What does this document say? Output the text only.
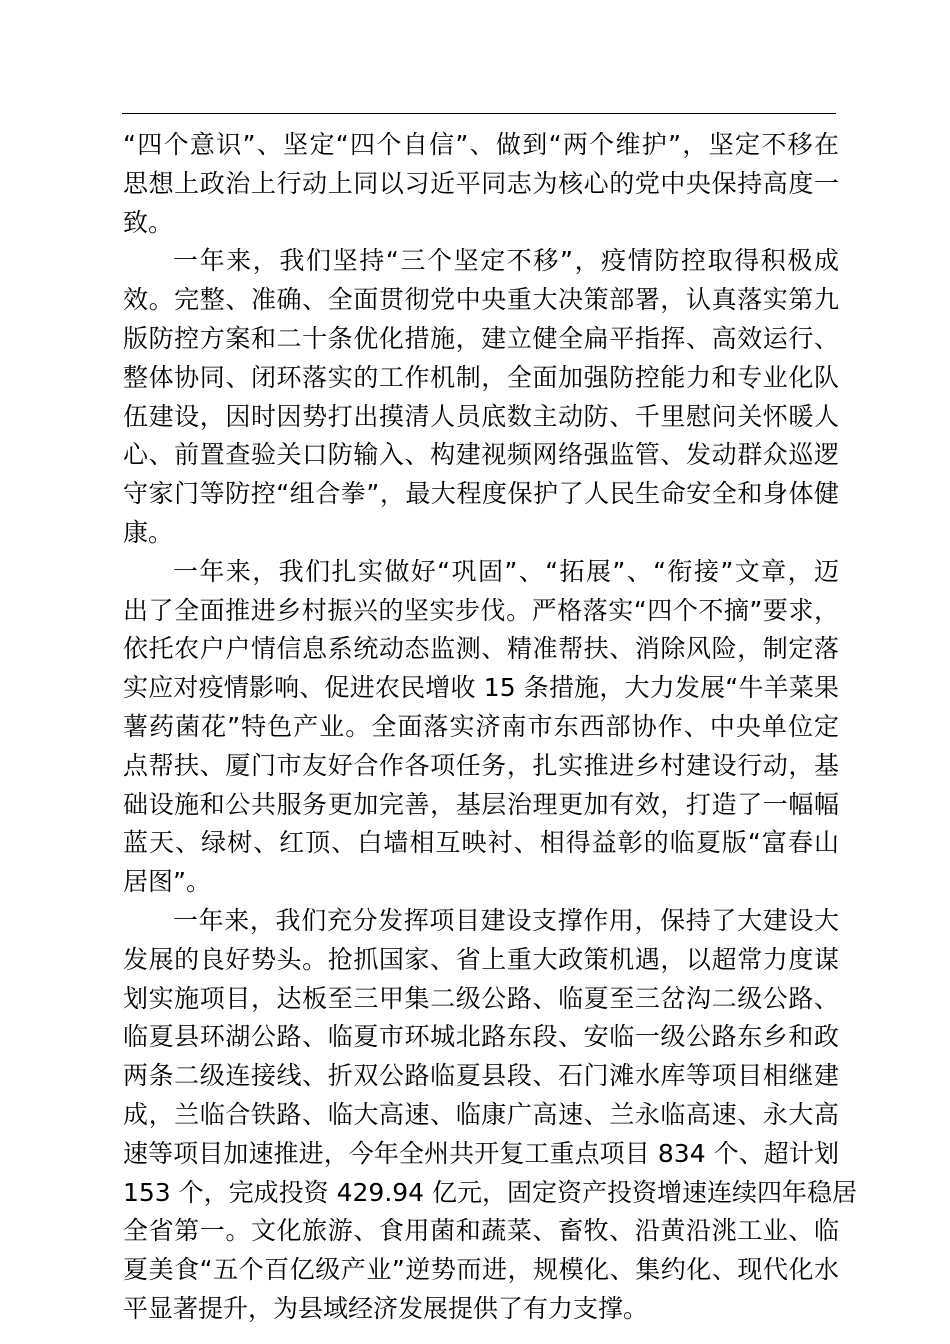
“四个意识”、坚定“四个自信”、做到“两个维护”，坚定不移在
思想上政治上行动上同以习近平同志为核心的党中央保持高度一
致。
一年来，我们坚持“三个坚定不移”，疫情防控取得积极成
效。完整、准确、全面贯彻党中央重大决策部署，认真落实第九
版防控方案和二十条优化措施，建立健全扁平指挥、高效运行、
整体协同、闭环落实的工作机制，全面加强防控能力和专业化队
伍建设，因时因势打出摸清人员底数主动防、千里慰问关怀暖人
心、前置查验关口防输入、构建视频网络强监管、发动群众巡逻
守家门等防控“组合拳”，最大程度保护了人民生命安全和身体健
康。
一年来，我们扎实做好“巩固”、“拓展”、“衔接”文章，迈
出了全面推进乡村振兴的坚实步伐。严格落实“四个不摘”要求，
依托农户户情信息系统动态监测、精准帮扶、消除风险，制定落
实应对疫情影响、促进农民增收 15 条措施，大力发展“牛羊菜果
薯药菌花”特色产业。全面落实济南市东西部协作、中央单位定
点帮扶、厦门市友好合作各项任务，扎实推进乡村建设行动，基
础设施和公共服务更加完善，基层治理更加有效，打造了一幅幅
蓝天、绿树、红顶、白墙相互映衬、相得益彰的临夏版“富春山
居图”。
一年来，我们充分发挥项目建设支撑作用，保持了大建设大
发展的良好势头。抢抓国家、省上重大政策机遇，以超常力度谋
划实施项目，达板至三甲集二级公路、临夏至三岔沟二级公路、
临夏县环湖公路、临夏市环城北路东段、安临一级公路东乡和政
两条二级连接线、折双公路临夏县段、石门滩水库等项目相继建
成，兰临合铁路、临大高速、临康广高速、兰永临高速、永大高
速等项目加速推进，今年全州共开复工重点项目 834 个、超计划
153 个，完成投资 429.94 亿元，固定资产投资增速连续四年稳居
全省第一。文化旅游、食用菌和蔬菜、畜牧、沿黄沿洮工业、临
夏美食“五个百亿级产业”逆势而进，规模化、集约化、现代化水
平显著提升，为县域经济发展提供了有力支撑。
